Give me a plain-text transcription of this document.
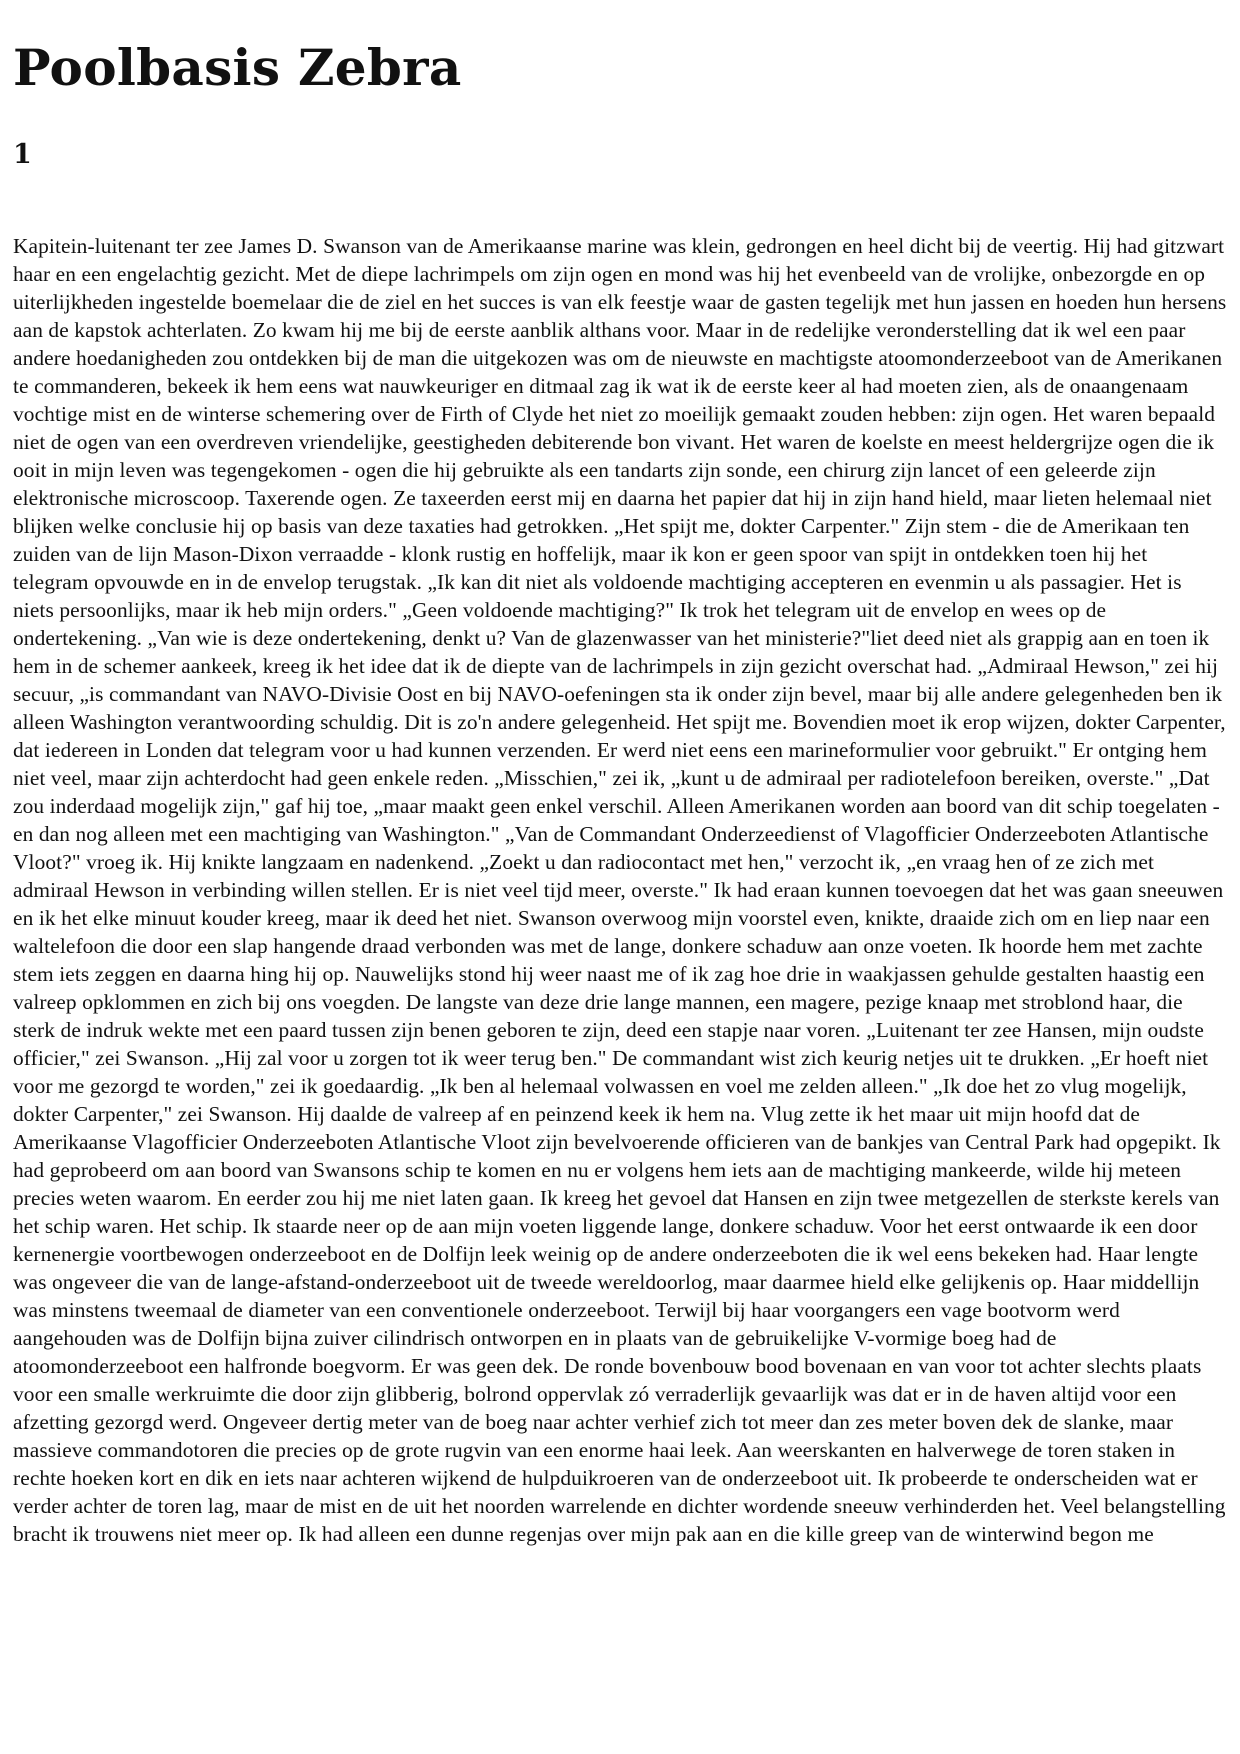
Poolbasis Zebra
1

Kapitein-luitenant ter zee James D. Swanson van de Amerikaanse marine was klein, gedrongen en heel dicht bij de veertig. Hij had gitzwart haar en een engelachtig gezicht. Met de diepe lachrimpels om zijn ogen en mond was hij het evenbeeld van de vrolijke, onbezorgde en op uiterlijkheden ingestelde boemelaar die de ziel en het succes is van elk feestje waar de gasten tegelijk met hun jassen en hoeden hun hersens aan de kapstok achterlaten. Zo kwam hij me bij de eerste aanblik althans voor. Maar in de redelijke veronderstelling dat ik wel een paar andere hoedanigheden zou ontdekken bij de man die uitgekozen was om de nieuwste en machtigste atoomonderzeeboot van de Amerikanen te commanderen, bekeek ik hem eens wat nauwkeuriger en ditmaal zag ik wat ik de eerste keer al had moeten zien, als de onaangenaam vochtige mist en de winterse schemering over de Firth of Clyde het niet zo moeilijk gemaakt zouden hebben: zijn ogen. Het waren bepaald niet de ogen van een overdreven vriendelijke, geestigheden debiterende bon vivant. Het waren de koelste en meest heldergrijze ogen die ik ooit in mijn leven was tegengekomen - ogen die hij gebruikte als een tandarts zijn sonde, een chirurg zijn lancet of een geleerde zijn elektronische microscoop. Taxerende ogen. Ze taxeerden eerst mij en daarna het papier dat hij in zijn hand hield, maar lieten helemaal niet blijken welke conclusie hij op basis van deze taxaties had getrokken. „Het spijt me, dokter Carpenter." Zijn stem - die de Amerikaan ten zuiden van de lijn Mason-Dixon verraadde - klonk rustig en hoffelijk, maar ik kon er geen spoor van spijt in ontdekken toen hij het telegram opvouwde en in de envelop terugstak. „Ik kan dit niet als voldoende machtiging accepteren en evenmin u als passagier. Het is niets persoonlijks, maar ik heb mijn orders." „Geen voldoende machtiging?" Ik trok het telegram uit de envelop en wees op de ondertekening. „Van wie is deze ondertekening, denkt u? Van de glazenwasser van het ministerie?"liet deed niet als grappig aan en toen ik hem in de schemer aankeek, kreeg ik het idee dat ik de diepte van de lachrimpels in zijn gezicht overschat had. „Admiraal Hewson," zei hij secuur, „is commandant van NAVO-Divisie Oost en bij NAVO-oefeningen sta ik onder zijn bevel, maar bij alle andere gelegenheden ben ik alleen Washington verantwoording schuldig. Dit is zo'n andere gelegenheid. Het spijt me. Bovendien moet ik erop wijzen, dokter Carpenter, dat iedereen in Londen dat telegram voor u had kunnen verzenden. Er werd niet eens een marineformulier voor gebruikt." Er ontging hem niet veel, maar zijn achterdocht had geen enkele reden. „Misschien," zei ik, „kunt u de admiraal per radiotelefoon bereiken, overste." „Dat zou inderdaad mogelijk zijn," gaf hij toe, „maar maakt geen enkel verschil. Alleen Amerikanen worden aan boord van dit schip toegelaten - en dan nog alleen met een machtiging van Washington." „Van de Commandant Onderzeedienst of Vlagofficier Onderzeeboten Atlantische Vloot?" vroeg ik. Hij knikte langzaam en nadenkend. „Zoekt u dan radiocontact met hen," verzocht ik, „en vraag hen of ze zich met admiraal Hewson in verbinding willen stellen. Er is niet veel tijd meer, overste." Ik had eraan kunnen toevoegen dat het was gaan sneeuwen en ik het elke minuut kouder kreeg, maar ik deed het niet. Swanson overwoog mijn voorstel even, knikte, draaide zich om en liep naar een waltelefoon die door een slap hangende draad verbonden was met de lange, donkere schaduw aan onze voeten. Ik hoorde hem met zachte stem iets zeggen en daarna hing hij op. Nauwelijks stond hij weer naast me of ik zag hoe drie in waakjassen gehulde gestalten haastig een valreep opklommen en zich bij ons voegden. De langste van deze drie lange mannen, een magere, pezige knaap met stroblond haar, die sterk de indruk wekte met een paard tussen zijn benen geboren te zijn, deed een stapje naar voren. „Luitenant ter zee Hansen, mijn oudste officier," zei Swanson. „Hij zal voor u zorgen tot ik weer terug ben." De commandant wist zich keurig netjes uit te drukken. „Er hoeft niet voor me gezorgd te worden," zei ik goedaardig. „Ik ben al helemaal volwassen en voel me zelden alleen." „Ik doe het zo vlug mogelijk, dokter Carpenter," zei Swanson. Hij daalde de valreep af en peinzend keek ik hem na. Vlug zette ik het maar uit mijn hoofd dat de Amerikaanse Vlagofficier Onderzeeboten Atlantische Vloot zijn bevelvoerende officieren van de bankjes van Central Park had opgepikt. Ik had geprobeerd om aan boord van Swansons schip te komen en nu er volgens hem iets aan de machtiging mankeerde, wilde hij meteen precies weten waarom. En eerder zou hij me niet laten gaan. Ik kreeg het gevoel dat Hansen en zijn twee metgezellen de sterkste kerels van het schip waren. Het schip. Ik staarde neer op de aan mijn voeten liggende lange, donkere schaduw. Voor het eerst ontwaarde ik een door kernenergie voortbewogen onderzeeboot en de Dolfijn leek weinig op de andere onderzeeboten die ik wel eens bekeken had. Haar lengte was ongeveer die van de lange-afstand-onderzeeboot uit de tweede wereldoorlog, maar daarmee hield elke gelijkenis op. Haar middellijn was minstens tweemaal de diameter van een conventionele onderzeeboot. Terwijl bij haar voorgangers een vage bootvorm werd aangehouden was de Dolfijn bijna zuiver cilindrisch ontworpen en in plaats van de gebruikelijke V-vormige boeg had de atoomonderzeeboot een halfronde boegvorm. Er was geen dek. De ronde bovenbouw bood bovenaan en van voor tot achter slechts plaats voor een smalle werkruimte die door zijn glibberig, bolrond oppervlak zó verraderlijk gevaarlijk was dat er in de haven altijd voor een afzetting gezorgd werd. Ongeveer dertig meter van de boeg naar achter verhief zich tot meer dan zes meter boven dek de slanke, maar massieve commandotoren die precies op de grote rugvin van een enorme haai leek. Aan weerskanten en halverwege de toren staken in rechte hoeken kort en dik en iets naar achteren wijkend de hulpduikroeren van de onderzeeboot uit. Ik probeerde te onderscheiden wat er verder achter de toren lag, maar de mist en de uit het noorden warrelende en dichter wordende sneeuw verhinderden het. Veel belangstelling bracht ik trouwens niet meer op. Ik had alleen een dunne regenjas over mijn pak aan en die kille greep van de winterwind begon me
